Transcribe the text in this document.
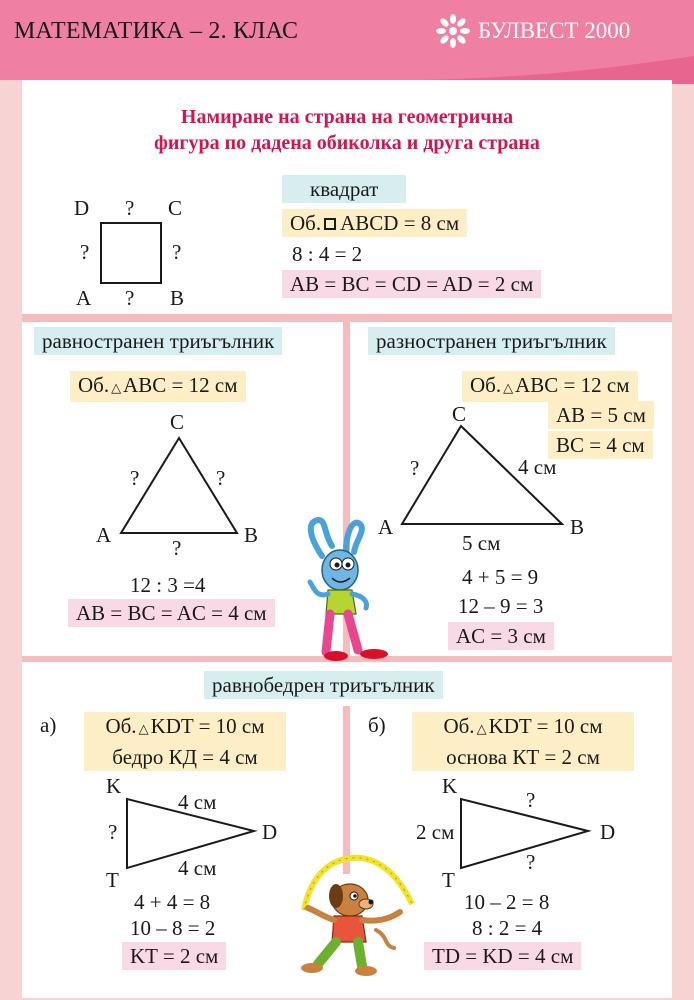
МАТЕМАТИКА – 2. КЛАС	БУЛВЕСТ 2000
Намиране на страна на геометрична
фигура по дадена обиколка и друга страна
D	C
A	B
?
?
?	?
квадрат
Об. ABCD = 8 см
8 : 4 = 2
AB = BC = CD = AD = 2 см
равностранен триъгълник
Об. △ABC = 12 см
C
A	B
?	?
?
12 : 3 =4
AB = BC = AC = 4 см
разностранен триъгълник
Об. △ABC = 12 см
AB = 5 см
BC = 4 см
C
A	B
?	4 см
5 см
4 + 5 = 9
12 – 9 = 3
AC = 3 см
равнобедрен триъгълник
а)	Об. △KDT = 10 см
бедро КД = 4 см
K
T
D
4 см
4 см
?
4 + 4 = 8
10 – 8 = 2
KT = 2 см
б)	Об. △KDT = 10 см
основа КТ = 2 см
K
T
D
2 см
?
?
10 – 2 = 8
8 : 2 = 4
TD = KD = 4 см
